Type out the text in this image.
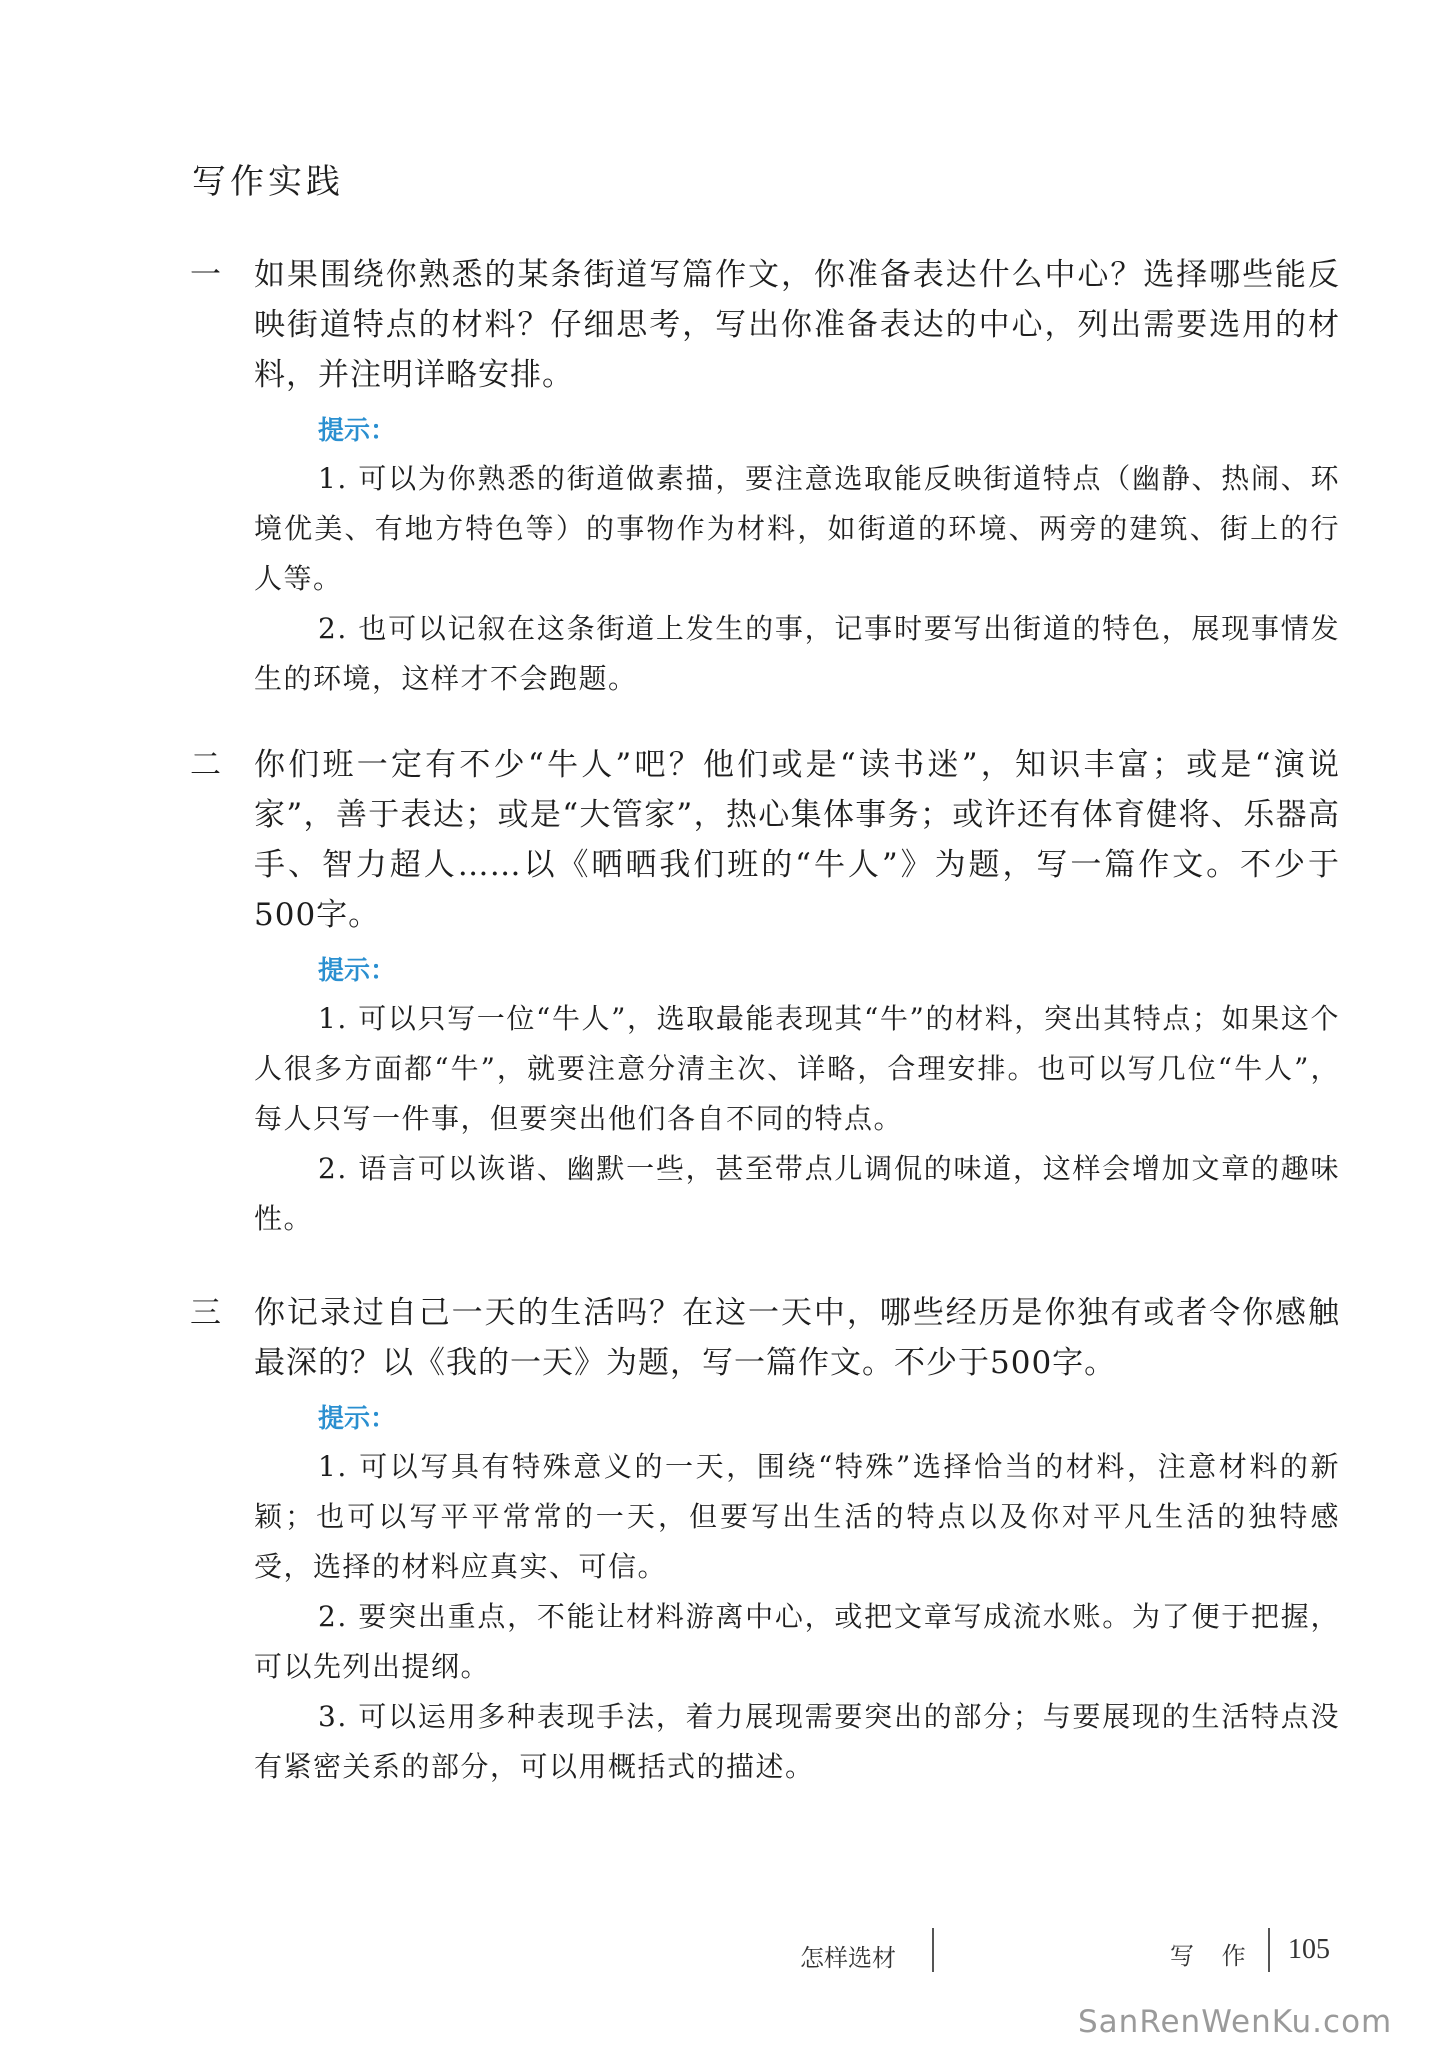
写作实践
一 如果围绕你熟悉的某条街道写篇作文，你准备表达什么中心？选择哪些能反映街道特点的材料？仔细思考，写出你准备表达的中心，列出需要选用的材料，并注明详略安排。
提示：
1. 可以为你熟悉的街道做素描，要注意选取能反映街道特点（幽静、热闹、环境优美、有地方特色等）的事物作为材料，如街道的环境、两旁的建筑、街上的行人等。
2. 也可以记叙在这条街道上发生的事，记事时要写出街道的特色，展现事情发生的环境，这样才不会跑题。
二 你们班一定有不少“牛人”吧？他们或是“读书迷”，知识丰富；或是“演说家”，善于表达；或是“大管家”，热心集体事务；或许还有体育健将、乐器高手、智力超人……以《晒晒我们班的“牛人”》为题，写一篇作文。不少于500字。
提示：
1. 可以只写一位“牛人”，选取最能表现其“牛”的材料，突出其特点；如果这个人很多方面都“牛”，就要注意分清主次、详略，合理安排。也可以写几位“牛人”，每人只写一件事，但要突出他们各自不同的特点。
2. 语言可以诙谐、幽默一些，甚至带点儿调侃的味道，这样会增加文章的趣味性。
三 你记录过自己一天的生活吗？在这一天中，哪些经历是你独有或者令你感触最深的？以《我的一天》为题，写一篇作文。不少于500字。
提示：
1. 可以写具有特殊意义的一天，围绕“特殊”选择恰当的材料，注意材料的新颖；也可以写平平常常的一天，但要写出生活的特点以及你对平凡生活的独特感受，选择的材料应真实、可信。
2. 要突出重点，不能让材料游离中心，或把文章写成流水账。为了便于把握，可以先列出提纲。
3. 可以运用多种表现手法，着力展现需要突出的部分；与要展现的生活特点没有紧密关系的部分，可以用概括式的描述。
怎样选材	写 作 105
SanRenWenKu.com
